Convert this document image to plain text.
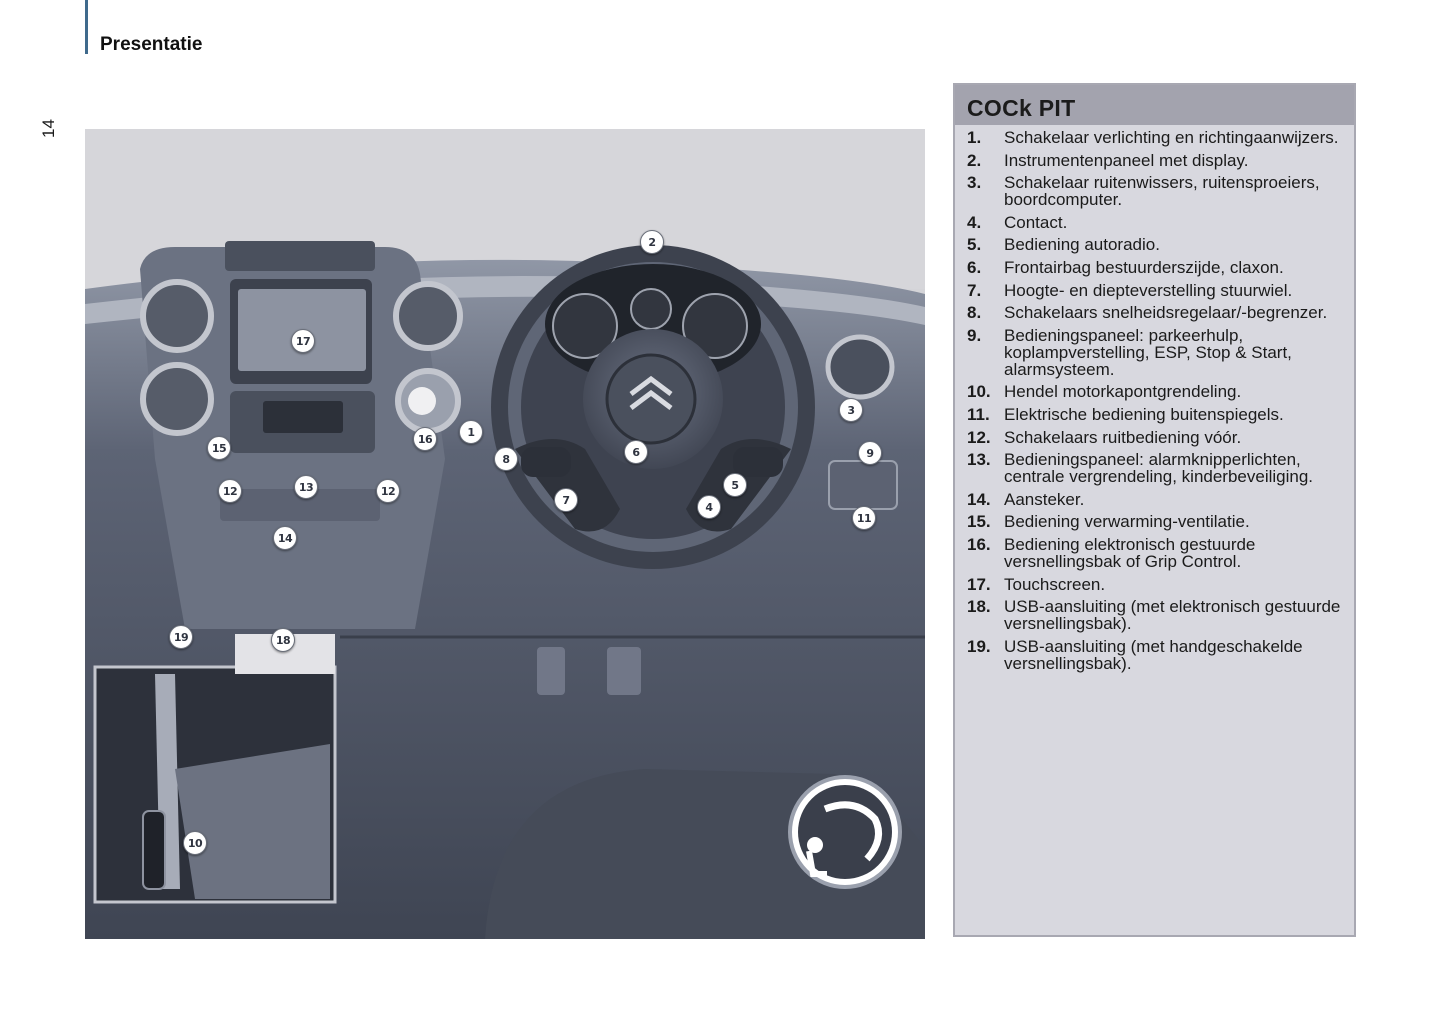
Presentatie
14
1
2
3
4
5
6
7
8	9
10
11
12	12
13
14
15
16
17
18
19
COCk PIT
1.	Schakelaar verlichting en richtingaanwijzers.
2.	Instrumentenpaneel met display.
3.	Schakelaar ruitenwissers, ruitensproeiers, boordcomputer.
4.	Contact.
5.	Bediening autoradio.
6.	Frontairbag bestuurderszijde, claxon.
7.	Hoogte- en diepteverstelling stuurwiel.
8.	Schakelaars snelheidsregelaar/-begrenzer.
9.	Bedieningspaneel: parkeerhulp, koplampverstelling, ESP, Stop & Start, alarmsysteem.
10. Hendel motorkapontgrendeling.
11. Elektrische bediening buitenspiegels.
12. Schakelaars ruitbediening vóór.
13. Bedieningspaneel: alarmknipperlichten, centrale vergrendeling, kinderbeveiliging.
14. Aansteker.
15. Bediening verwarming-ventilatie.
16. Bediening elektronisch gestuurde versnellingsbak of Grip Control.
17. Touchscreen.
18. USB-aansluiting (met elektronisch gestuurde versnellingsbak).
19. USB-aansluiting (met handgeschakelde versnellingsbak).
